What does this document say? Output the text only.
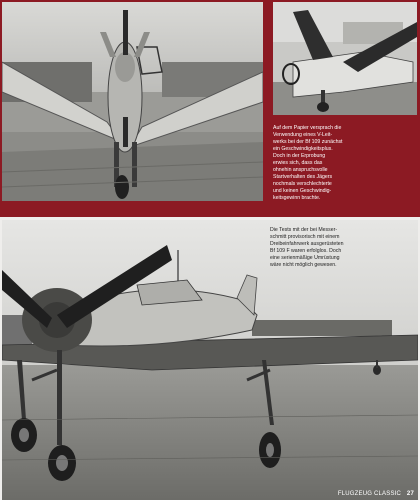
Auf dem Papier versprach die
Verwendung eines V-Leit-
werks bei der Bf 109 zunächst
ein Geschwindigkeitsplus.
Doch in der Erprobung
erwies sich, dass das
ohnehin anspruchsvolle
Startverhalten des Jägers
nochmals verschlechterte
und keinen Geschwindig-
keitsgewinn brachte.

Die Tests mit der bei Messer-
schmitt provisorisch mit einem
Dreibeinfahrwerk ausgerüsteten
Bf 109 F waren erfolglos. Doch
eine serienmäßige Umrüstung
wäre nicht möglich gewesen.

FLUGZEUG CLASSIC 27
